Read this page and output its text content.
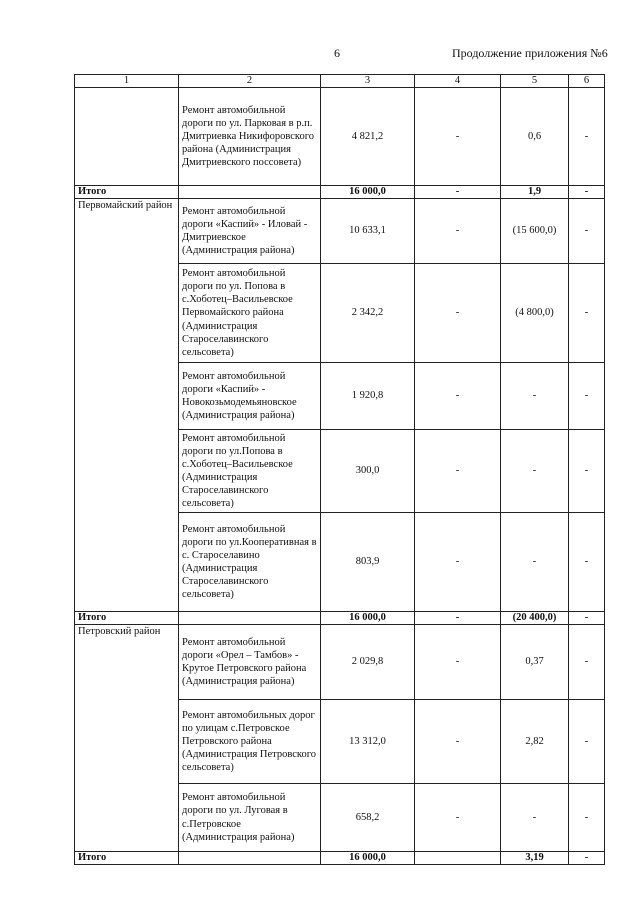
6	Продолжение приложения №6
1	2	3	4	5	6
	Ремонт автомобильной дороги по ул. Парковая в р.п. Дмитриевка Никифоровского района (Администрация Дмитриевского поссовета)	4 821,2	-	0,6	-
Итого		16 000,0	-	1,9	-
Первомайский район	Ремонт автомобильной дороги «Каспий» - Иловай - Дмитриевское (Администрация района)	10 633,1	-	(15 600,0)	-
	Ремонт автомобильной дороги по ул. Попова в с.Хоботец–Васильевское Первомайского района (Администрация Староселавинского сельсовета)	2 342,2	-	(4 800,0)	-
	Ремонт автомобильной дороги «Каспий» - Новокозьмодемьяновское (Администрация района)	1 920,8	-	-	-
	Ремонт автомобильной дороги по ул.Попова в с.Хоботец–Васильевское (Администрация Староселавинского сельсовета)	300,0	-	-	-
	Ремонт автомобильной дороги по ул.Кооперативная в с. Староселавино (Администрация Староселавинского сельсовета)	803,9	-	-	-
Итого		16 000,0	-	(20 400,0)	-
Петровский район	Ремонт автомобильной дороги «Орел – Тамбов» - Крутое Петровского района (Администрация района)	2 029,8	-	0,37	-
	Ремонт автомобильных дорог по улицам с.Петровское Петровского района (Администрация Петровского сельсовета)	13 312,0	-	2,82	-
	Ремонт автомобильной дороги по ул. Луговая в с.Петровское (Администрация района)	658,2	-	-	-
Итого		16 000,0		3,19	-
